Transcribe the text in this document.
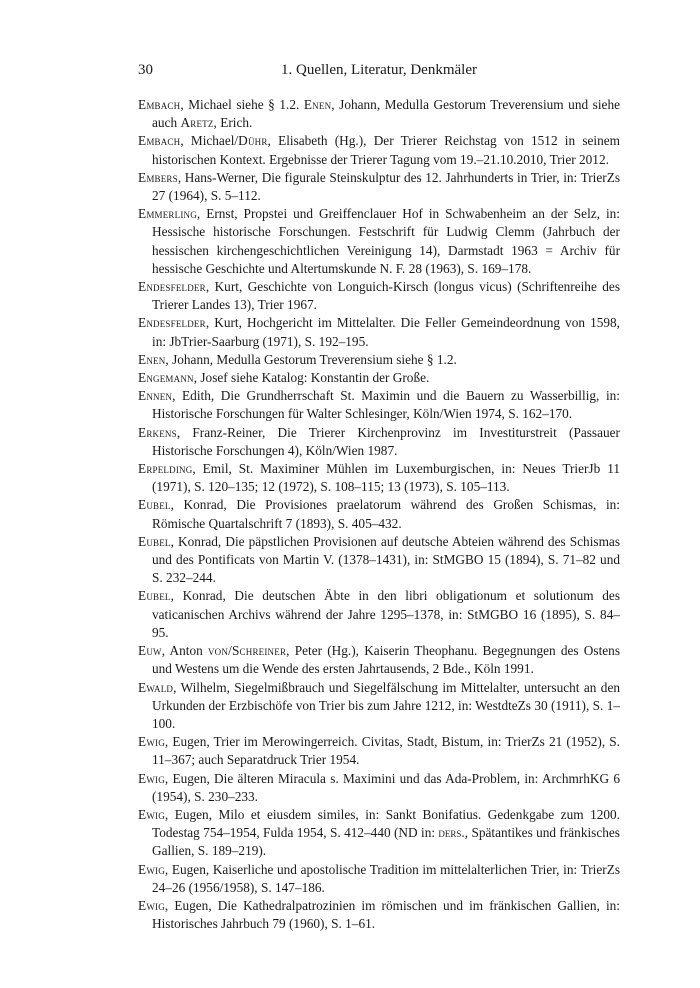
30	1. Quellen, Literatur, Denkmäler

Embach, Michael siehe § 1.2. Enen, Johann, Medulla Gestorum Treverensium und siehe auch Aretz, Erich.

Embach, Michael/Dühr, Elisabeth (Hg.), Der Trierer Reichstag von 1512 in seinem historischen Kontext. Ergebnisse der Trierer Tagung vom 19.–21.10.2010, Trier 2012.

Embers, Hans-Werner, Die figurale Steinskulptur des 12. Jahrhunderts in Trier, in: TrierZs 27 (1964), S. 5–112.

Emmerling, Ernst, Propstei und Greiffenclauer Hof in Schwabenheim an der Selz, in: Hessische historische Forschungen. Festschrift für Ludwig Clemm (Jahrbuch der hessischen kirchengeschichtlichen Vereinigung 14), Darmstadt 1963 = Archiv für hessische Geschichte und Altertumskunde N. F. 28 (1963), S. 169–178.

Endesfelder, Kurt, Geschichte von Longuich-Kirsch (longus vicus) (Schriftenreihe des Trierer Landes 13), Trier 1967.

Endesfelder, Kurt, Hochgericht im Mittelalter. Die Feller Gemeindeordnung von 1598, in: JbTrier-Saarburg (1971), S. 192–195.

Enen, Johann, Medulla Gestorum Treverensium siehe § 1.2.

Engemann, Josef siehe Katalog: Konstantin der Große.

Ennen, Edith, Die Grundherrschaft St. Maximin und die Bauern zu Wasserbillig, in: Historische Forschungen für Walter Schlesinger, Köln/Wien 1974, S. 162–170.

Erkens, Franz-Reiner, Die Trierer Kirchenprovinz im Investiturstreit (Passauer Historische Forschungen 4), Köln/Wien 1987.

Erpelding, Emil, St. Maximiner Mühlen im Luxemburgischen, in: Neues TrierJb 11 (1971), S. 120–135; 12 (1972), S. 108–115; 13 (1973), S. 105–113.

Eubel, Konrad, Die Provisiones praelatorum während des Großen Schismas, in: Römische Quartalschrift 7 (1893), S. 405–432.

Eubel, Konrad, Die päpstlichen Provisionen auf deutsche Abteien während des Schismas und des Pontificats von Martin V. (1378–1431), in: StMGBO 15 (1894), S. 71–82 und S. 232–244.

Eubel, Konrad, Die deutschen Äbte in den libri obligationum et solutionum des vaticanischen Archivs während der Jahre 1295–1378, in: StMGBO 16 (1895), S. 84–95.

Euw, Anton von/Schreiner, Peter (Hg.), Kaiserin Theophanu. Begegnungen des Ostens und Westens um die Wende des ersten Jahrtausends, 2 Bde., Köln 1991.

Ewald, Wilhelm, Siegelmißbrauch und Siegelfälschung im Mittelalter, untersucht an den Urkunden der Erzbischöfe von Trier bis zum Jahre 1212, in: WestdteZs 30 (1911), S. 1–100.

Ewig, Eugen, Trier im Merowingerreich. Civitas, Stadt, Bistum, in: TrierZs 21 (1952), S. 11–367; auch Separatdruck Trier 1954.

Ewig, Eugen, Die älteren Miracula s. Maximini und das Ada-Problem, in: ArchmrhKG 6 (1954), S. 230–233.

Ewig, Eugen, Milo et eiusdem similes, in: Sankt Bonifatius. Gedenkgabe zum 1200. Todestag 754–1954, Fulda 1954, S. 412–440 (ND in: ders., Spätantikes und fränkisches Gallien, S. 189–219).

Ewig, Eugen, Kaiserliche und apostolische Tradition im mittelalterlichen Trier, in: TrierZs 24–26 (1956/1958), S. 147–186.

Ewig, Eugen, Die Kathedralpatrozinien im römischen und im fränkischen Gallien, in: Historisches Jahrbuch 79 (1960), S. 1–61.
